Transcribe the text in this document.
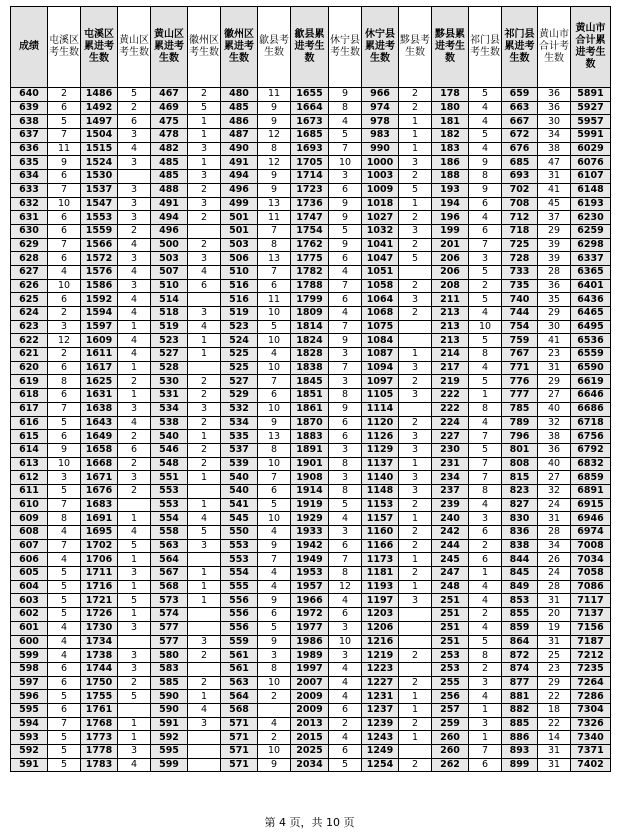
成绩	屯溪区考生数	屯溪区累进考生数	黄山区考生数	黄山区累进考生数	徽州区考生数	徽州区累进考生数	歙县考生数	歙县累进考生数	休宁县考生数	休宁县累进考生数	黟县考生数	黟县累进考生数	祁门县考生数	祁门县累进考生数	黄山市合计考生数	黄山市合计累进考生数
640	2	1486	5	467	2	480	11	1655	9	966	2	178	5	659	36	5891
639	6	1492	2	469	5	485	9	1664	8	974	2	180	4	663	36	5927
638	5	1497	6	475	1	486	9	1673	4	978	1	181	4	667	30	5957
637	7	1504	3	478	1	487	12	1685	5	983	1	182	5	672	34	5991
636	11	1515	4	482	3	490	8	1693	7	990	1	183	4	676	38	6029
635	9	1524	3	485	1	491	12	1705	10	1000	3	186	9	685	47	6076
634	6	1530		485	3	494	9	1714	3	1003	2	188	8	693	31	6107
633	7	1537	3	488	2	496	9	1723	6	1009	5	193	9	702	41	6148
632	10	1547	3	491	3	499	13	1736	9	1018	1	194	6	708	45	6193
631	6	1553	3	494	2	501	11	1747	9	1027	2	196	4	712	37	6230
630	6	1559	2	496		501	7	1754	5	1032	3	199	6	718	29	6259
629	7	1566	4	500	2	503	8	1762	9	1041	2	201	7	725	39	6298
628	6	1572	3	503	3	506	13	1775	6	1047	5	206	3	728	39	6337
627	4	1576	4	507	4	510	7	1782	4	1051		206	5	733	28	6365
626	10	1586	3	510	6	516	6	1788	7	1058	2	208	2	735	36	6401
625	6	1592	4	514		516	11	1799	6	1064	3	211	5	740	35	6436
624	2	1594	4	518	3	519	10	1809	4	1068	2	213	4	744	29	6465
623	3	1597	1	519	4	523	5	1814	7	1075		213	10	754	30	6495
622	12	1609	4	523	1	524	10	1824	9	1084		213	5	759	41	6536
621	2	1611	4	527	1	525	4	1828	3	1087	1	214	8	767	23	6559
620	6	1617	1	528		525	10	1838	7	1094	3	217	4	771	31	6590
619	8	1625	2	530	2	527	7	1845	3	1097	2	219	5	776	29	6619
618	6	1631	1	531	2	529	6	1851	8	1105	3	222	1	777	27	6646
617	7	1638	3	534	3	532	10	1861	9	1114		222	8	785	40	6686
616	5	1643	4	538	2	534	9	1870	6	1120	2	224	4	789	32	6718
615	6	1649	2	540	1	535	13	1883	6	1126	3	227	7	796	38	6756
614	9	1658	6	546	2	537	8	1891	3	1129	3	230	5	801	36	6792
613	10	1668	2	548	2	539	10	1901	8	1137	1	231	7	808	40	6832
612	3	1671	3	551	1	540	7	1908	3	1140	3	234	7	815	27	6859
611	5	1676	2	553		540	6	1914	8	1148	3	237	8	823	32	6891
610	7	1683		553	1	541	5	1919	5	1153	2	239	4	827	24	6915
609	8	1691	1	554	4	545	10	1929	4	1157	1	240	3	830	31	6946
608	4	1695	4	558	5	550	4	1933	3	1160	2	242	6	836	28	6974
607	7	1702	5	563	3	553	9	1942	6	1166	2	244	2	838	34	7008
606	4	1706	1	564		553	7	1949	7	1173	1	245	6	844	26	7034
605	5	1711	3	567	1	554	4	1953	8	1181	2	247	1	845	24	7058
604	5	1716	1	568	1	555	4	1957	12	1193	1	248	4	849	28	7086
603	5	1721	5	573	1	556	9	1966	4	1197	3	251	4	853	31	7117
602	5	1726	1	574		556	6	1972	6	1203		251	2	855	20	7137
601	4	1730	3	577		556	5	1977	3	1206		251	4	859	19	7156
600	4	1734		577	3	559	9	1986	10	1216		251	5	864	31	7187
599	4	1738	3	580	2	561	3	1989	3	1219	2	253	8	872	25	7212
598	6	1744	3	583		561	8	1997	4	1223		253	2	874	23	7235
597	6	1750	2	585	2	563	10	2007	4	1227	2	255	3	877	29	7264
596	5	1755	5	590	1	564	2	2009	4	1231	1	256	4	881	22	7286
595	6	1761		590	4	568		2009	6	1237	1	257	1	882	18	7304
594	7	1768	1	591	3	571	4	2013	2	1239	2	259	3	885	22	7326
593	5	1773	1	592		571	2	2015	4	1243	1	260	1	886	14	7340
592	5	1778	3	595		571	10	2025	6	1249		260	7	893	31	7371
591	5	1783	4	599		571	9	2034	5	1254	2	262	6	899	31	7402
第 4 页，共 10 页
